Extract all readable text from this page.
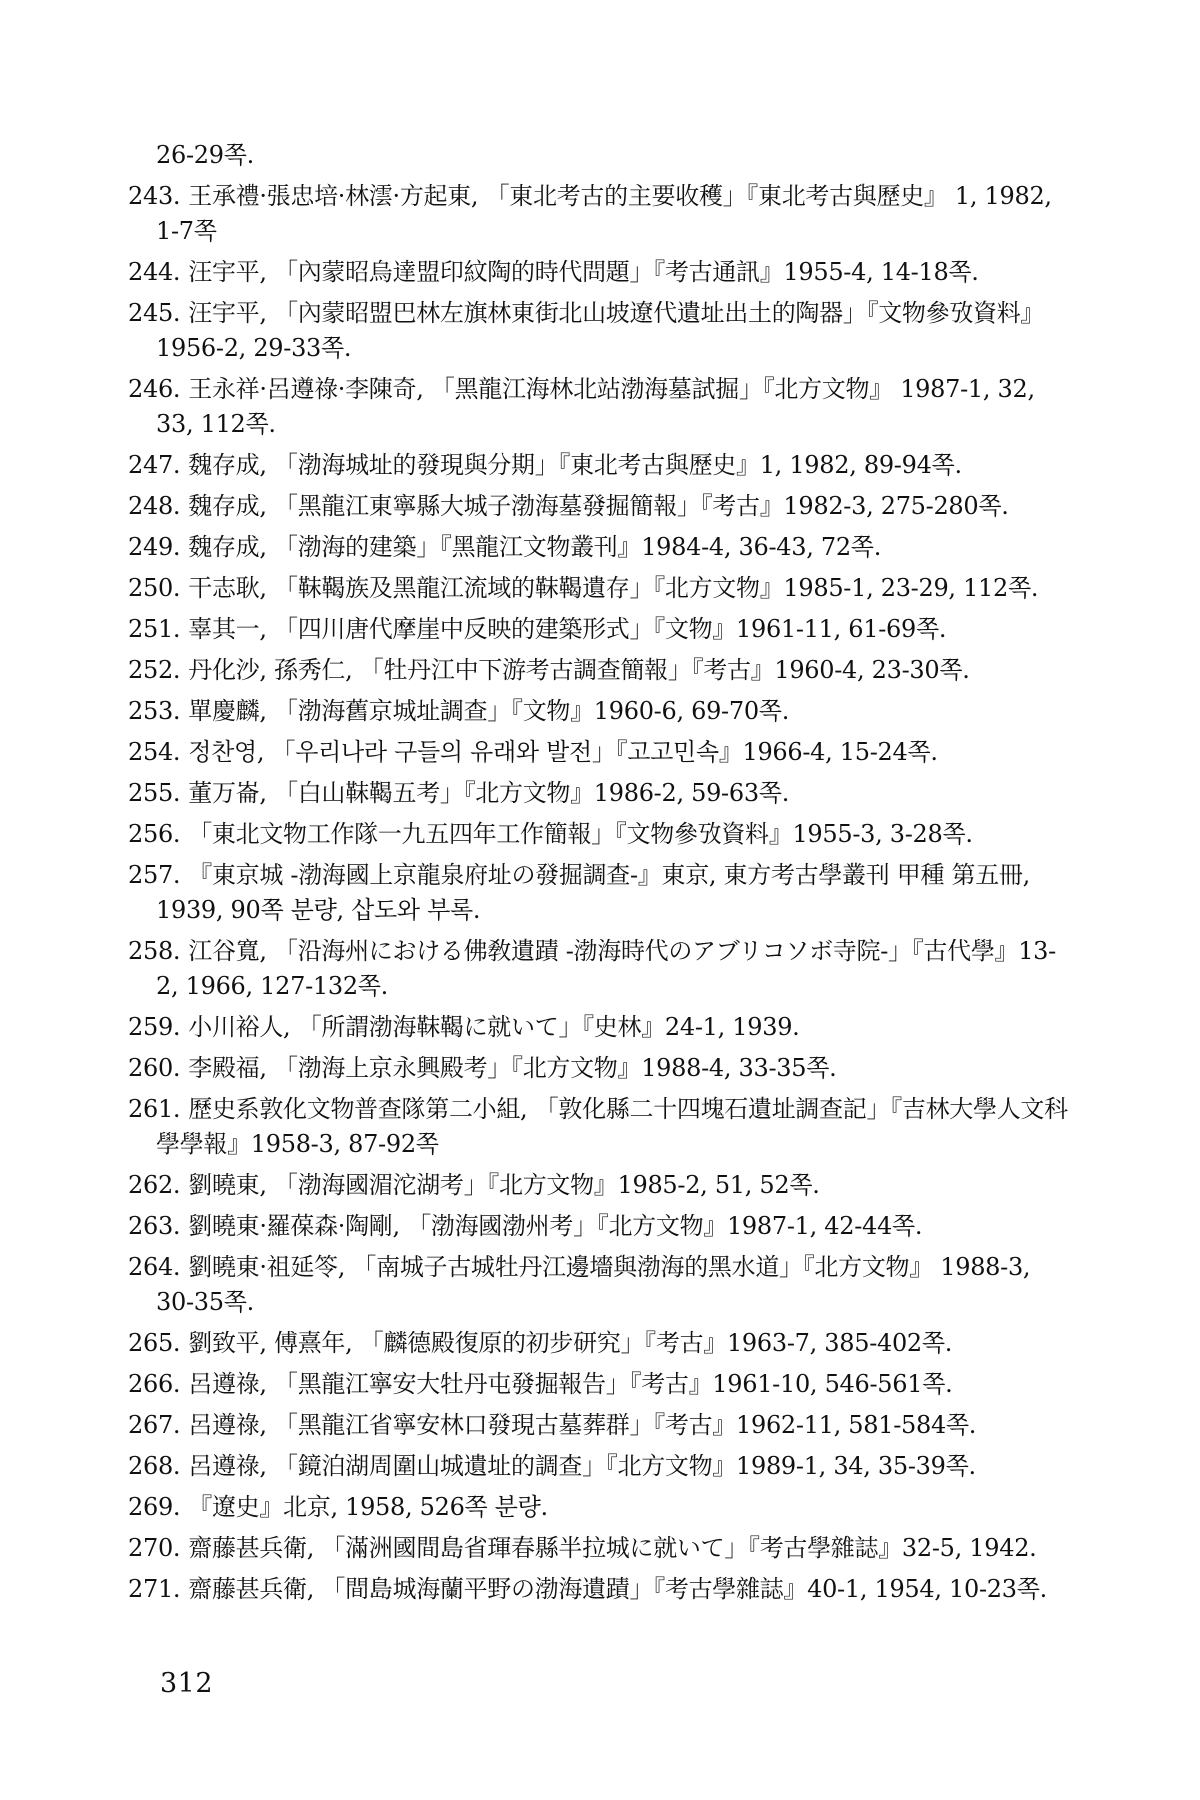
26-29쪽.
243. 王承禮·張忠培·林澐·方起東, 「東北考古的主要收穫」『東北考古與歷史』 1, 1982, 1-7쪽
244. 汪宇平, 「內蒙昭烏達盟印紋陶的時代問題」『考古通訊』1955-4, 14-18쪽.
245. 汪宇平, 「內蒙昭盟巴林左旗林東街北山坡遼代遺址出土的陶器」『文物參攷資料』1956-2, 29-33쪽.
246. 王永祥·呂遵祿·李陳奇, 「黑龍江海林北站渤海墓試掘」『北方文物』 1987-1, 32, 33, 112쪽.
247. 魏存成, 「渤海城址的發現與分期」『東北考古與歷史』1, 1982, 89-94쪽.
248. 魏存成, 「黑龍江東寧縣大城子渤海墓發掘簡報」『考古』1982-3, 275-280쪽.
249. 魏存成, 「渤海的建築」『黑龍江文物叢刊』1984-4, 36-43, 72쪽.
250. 干志耿, 「靺鞨族及黑龍江流域的靺鞨遺存」『北方文物』1985-1, 23-29, 112쪽.
251. 辜其一, 「四川唐代摩崖中反映的建築形式」『文物』1961-11, 61-69쪽.
252. 丹化沙, 孫秀仁, 「牡丹江中下游考古調查簡報」『考古』1960-4, 23-30쪽.
253. 單慶麟, 「渤海舊京城址調查」『文物』1960-6, 69-70쪽.
254. 정찬영, 「우리나라 구들의 유래와 발전」『고고민속』1966-4, 15-24쪽.
255. 董万崙, 「白山靺鞨五考」『北方文物』1986-2, 59-63쪽.
256. 「東北文物工作隊一九五四年工作簡報」『文物參攷資料』1955-3, 3-28쪽.
257. 『東京城 -渤海國上京龍泉府址の發掘調查-』東京, 東方考古學叢刊 甲種 第五冊, 1939, 90쪽 분량, 삽도와 부록.
258. 江谷寬, 「沿海州における佛敎遺蹟 -渤海時代のアブリコソボ寺院-」『古代學』13-2, 1966, 127-132쪽.
259. 小川裕人, 「所謂渤海靺鞨に就いて」『史林』24-1, 1939.
260. 李殿福, 「渤海上京永興殿考」『北方文物』1988-4, 33-35쪽.
261. 歷史系敦化文物普查隊第二小組, 「敦化縣二十四塊石遺址調查記」『吉林大學人文科學學報』1958-3, 87-92쪽
262. 劉曉東, 「渤海國湄沱湖考」『北方文物』1985-2, 51, 52쪽.
263. 劉曉東·羅葆森·陶剛, 「渤海國渤州考」『北方文物』1987-1, 42-44쪽.
264. 劉曉東·祖延笭, 「南城子古城牡丹江邊墻與渤海的黑水道」『北方文物』 1988-3, 30-35쪽.
265. 劉致平, 傅熹年, 「麟德殿復原的初步研究」『考古』1963-7, 385-402쪽.
266. 呂遵祿, 「黑龍江寧安大牡丹屯發掘報告」『考古』1961-10, 546-561쪽.
267. 呂遵祿, 「黑龍江省寧安林口發現古墓葬群」『考古』1962-11, 581-584쪽.
268. 呂遵祿, 「鏡泊湖周圍山城遺址的調查」『北方文物』1989-1, 34, 35-39쪽.
269. 『遼史』北京, 1958, 526쪽 분량.
270. 齋藤甚兵衛, 「滿洲國間島省琿春縣半拉城に就いて」『考古學雜誌』32-5, 1942.
271. 齋藤甚兵衛, 「間島城海蘭平野の渤海遺蹟」『考古學雜誌』40-1, 1954, 10-23쪽.
312
